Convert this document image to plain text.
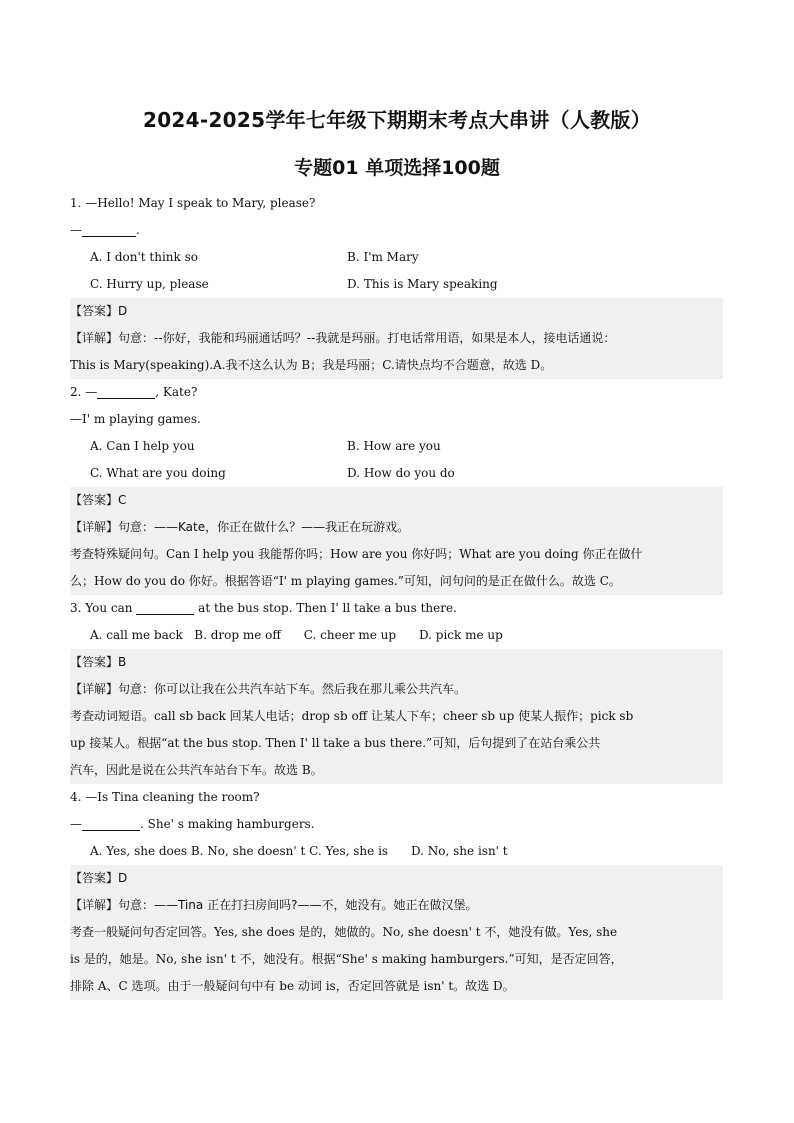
2024-2025学年七年级下期期末考点大串讲（人教版）
专题01 单项选择100题
1. —Hello! May I speak to Mary, please?
—	.
A. I don't think so	B. I'm Mary
C. Hurry up, please	D. This is Mary speaking
【答案】D
【详解】句意：--你好，我能和玛丽通话吗？--我就是玛丽。打电话常用语，如果是本人，接电话通说：
This is Mary(speaking).A.我不这么认为 B；我是玛丽；C.请快点均不合题意，故选 D。
2. —	, Kate?
—I' m playing games.
A. Can I help you	B. How are you
C. What are you doing	D. How do you do
【答案】C
【详解】句意：——Kate，你正在做什么？——我正在玩游戏。
考查特殊疑问句。Can I help you 我能帮你吗；How are you 你好吗；What are you doing 你正在做什
么；How do you do 你好。根据答语“I' m playing games.”可知，问句问的是正在做什么。故选 C。
3. You can	at the bus stop. Then I' ll take a bus there.
A. call me back B. drop me off C. cheer me up D. pick me up
【答案】B
【详解】句意：你可以让我在公共汽车站下车。然后我在那儿乘公共汽车。
考查动词短语。call sb back 回某人电话；drop sb off 让某人下车；cheer sb up 使某人振作；pick sb
up 接某人。根据“at the bus stop. Then I' ll take a bus there.”可知，后句提到了在站台乘公共
汽车，因此是说在公共汽车站台下车。故选 B。
4. —Is Tina cleaning the room?
—	. She' s making hamburgers.
A. Yes, she does B. No, she doesn' t C. Yes, she is D. No, she isn' t
【答案】D
【详解】句意：——Tina 正在打扫房间吗?——不，她没有。她正在做汉堡。
考查一般疑问句否定回答。Yes, she does 是的，她做的。No, she doesn' t 不，她没有做。Yes, she
is 是的，她是。No, she isn' t 不，她没有。根据“She' s making hamburgers.”可知，是否定回答，
排除 A、C 选项。由于一般疑问句中有 be 动词 is，否定回答就是 isn' t。故选 D。
